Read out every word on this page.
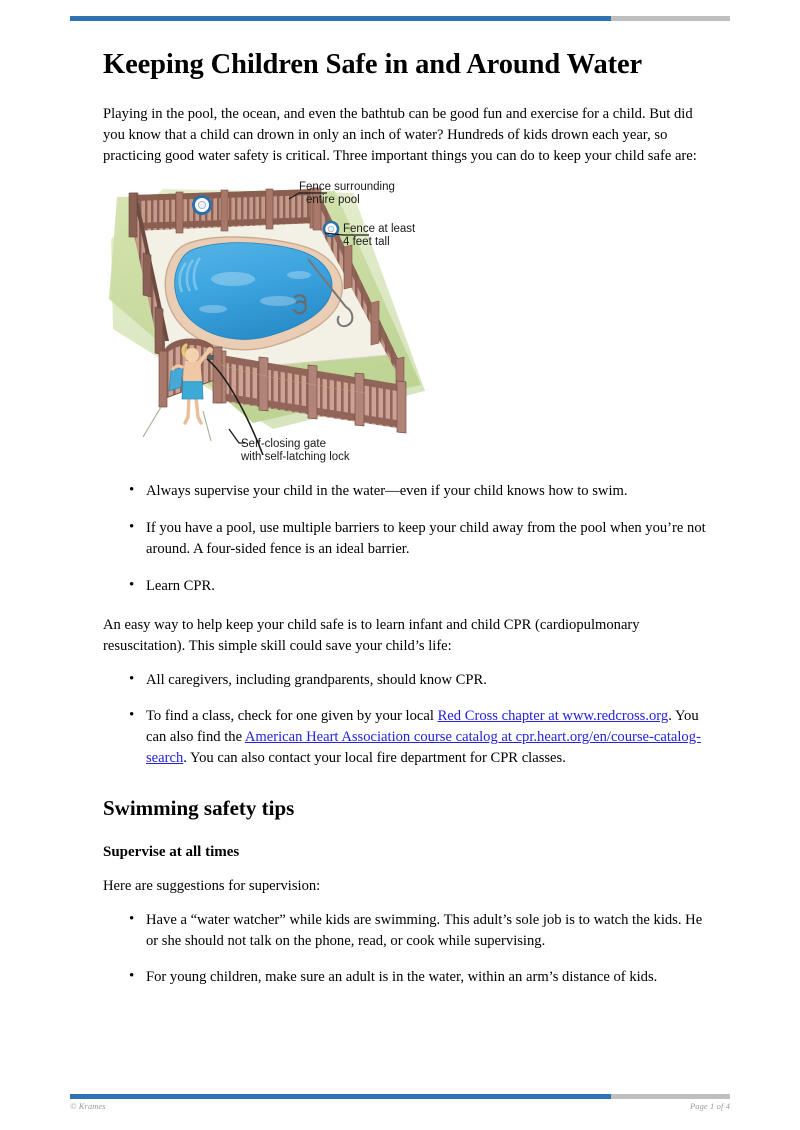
Keeping Children Safe in and Around Water

Playing in the pool, the ocean, and even the bathtub can be good fun and exercise for a child. But did you know that a child can drown in only an inch of water? Hundreds of kids drown each year, so practicing good water safety is critical. Three important things you can do to keep your child safe are:

Fence surrounding
entire pool
Fence at least
4 feet tall
Self-closing gate
with self-latching lock
• Always supervise your child in the water—even if your child knows how to swim.
• If you have a pool, use multiple barriers to keep your child away from the pool when you’re not around. A four-sided fence is an ideal barrier.
• Learn CPR.

An easy way to help keep your child safe is to learn infant and child CPR (cardiopulmonary resuscitation). This simple skill could save your child’s life:

• All caregivers, including grandparents, should know CPR.
• To find a class, check for one given by your local Red Cross chapter at www.redcross.org. You can also find the American Heart Association course catalog at cpr.heart.org/en/course-catalog-search. You can also contact your local fire department for CPR classes.
Swimming safety tips
Supervise at all times

Here are suggestions for supervision:

• Have a “water watcher” while kids are swimming. This adult’s sole job is to watch the kids. He or she should not talk on the phone, read, or cook while supervising.
• For young children, make sure an adult is in the water, within an arm’s distance of kids.
© Krames	Page 1 of 4
